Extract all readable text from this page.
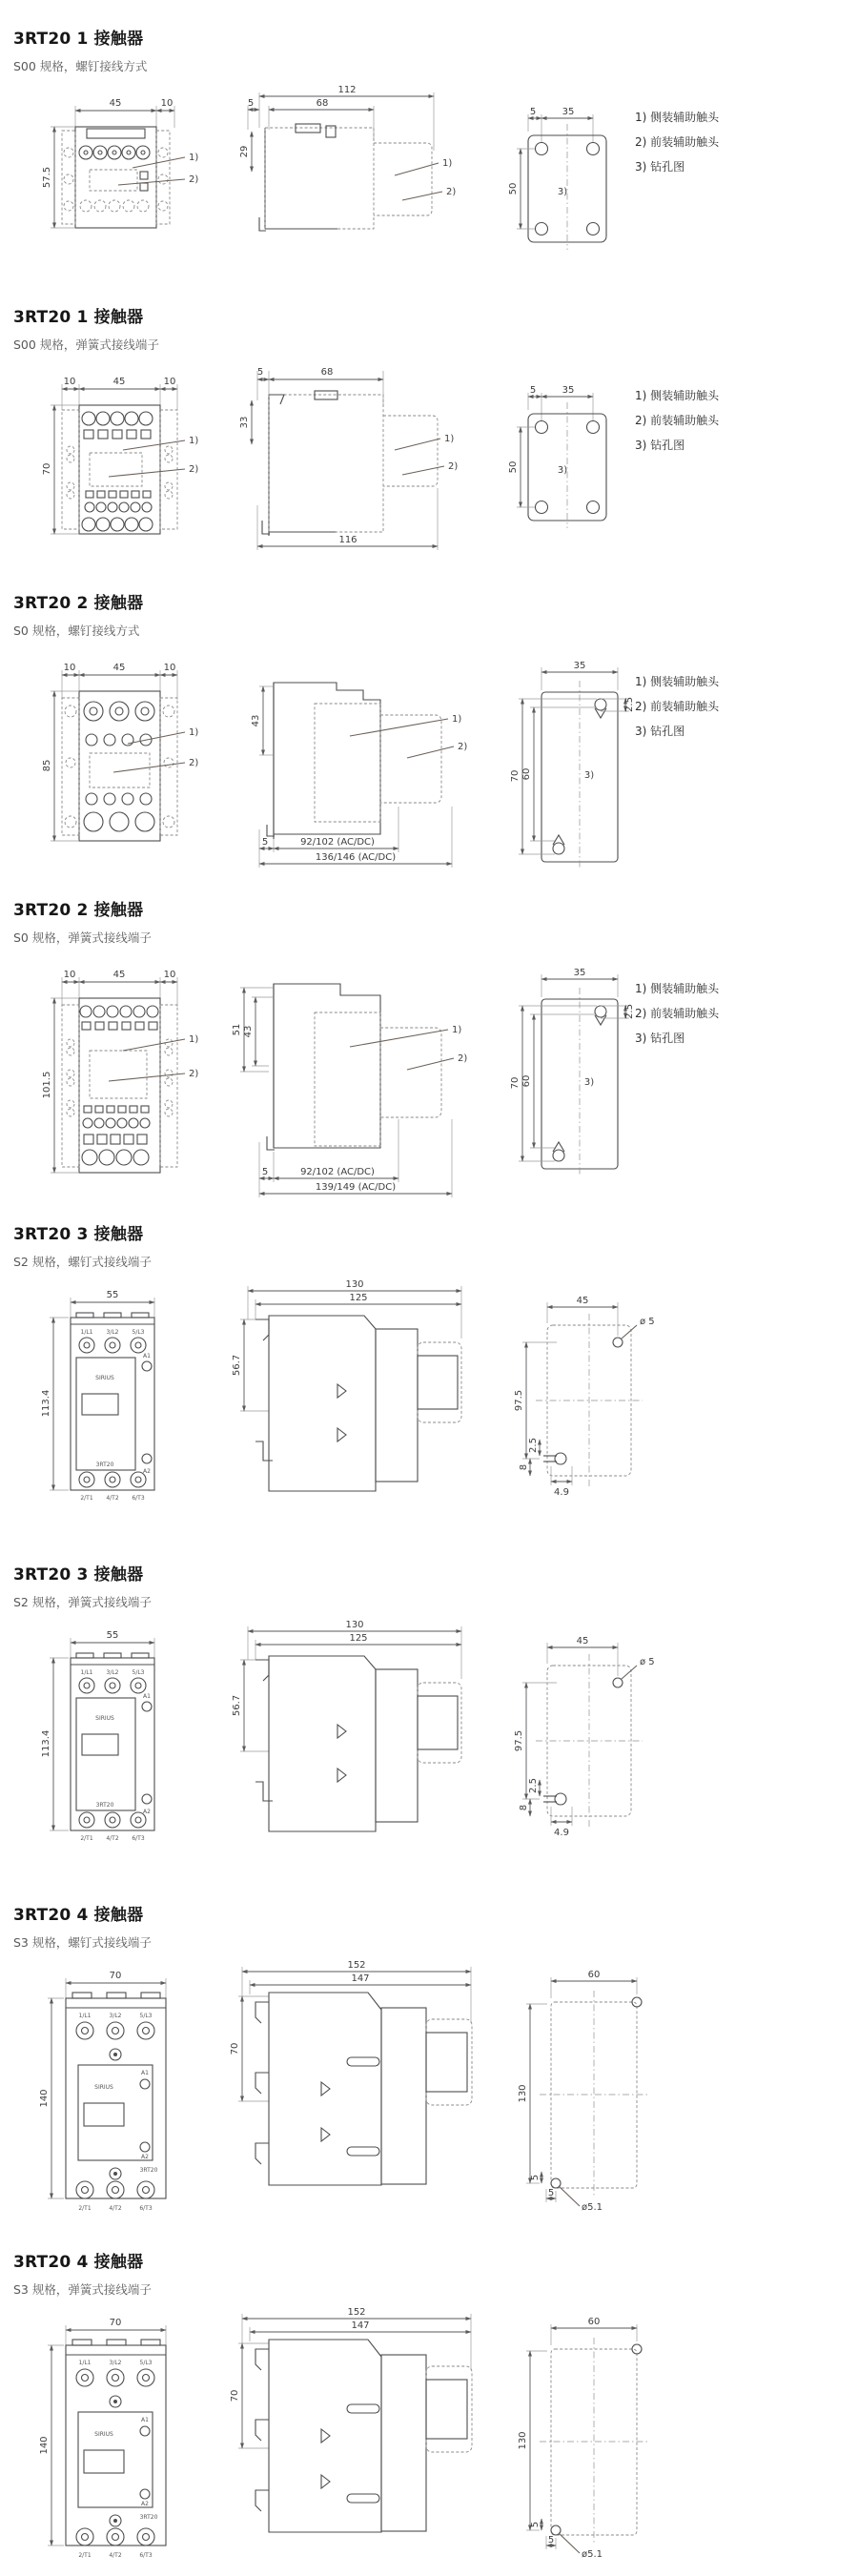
3RT20 1 接触器

S00 规格，螺钉接线方式

45	10
57.5
1)
2)
112
68
5
29
1)
2)
5	35
50	3)
1) 侧装辅助触头
2) 前装辅助触头
3) 钻孔图
3RT20 1 接触器

S00 规格，弹簧式接线端子

10	45	10
70
1)
2)
5	68
33
116
1)
2)
5	35
50	3)
1) 侧装辅助触头
2) 前装辅助触头
3) 钻孔图
3RT20 2 接触器

S0 规格，螺钉接线方式

10	45	10
85
1)
2)
43
5	92/102 (AC/DC)
136/146 (AC/DC)
1)
2)
35
2.5
70 60	3)
1) 侧装辅助触头
2) 前装辅助触头
3) 钻孔图
3RT20 2 接触器

S0 规格，弹簧式接线端子

10	45	10
101.5
1)
2)
51 43
5	92/102 (AC/DC)
139/149 (AC/DC)
1)
2)
35
2.5
70 60	3)
1) 侧装辅助触头
2) 前装辅助触头
3) 钻孔图
3RT20 3 接触器

S2 规格，螺钉式接线端子

55
113.4
1/L1 3/L2 5/L3
A1
SIRIUS
A2
3RT20
2/T1 4/T2 6/T3
130
125
56.7
45
ø 5
97.5
2.5
8
4.9
3RT20 3 接触器

S2 规格，弹簧式接线端子

55
113.4
1/L1 3/L2 5/L3
A1
SIRIUS
A2
3RT20
2/T1 4/T2 6/T3
130
125
56.7
45
ø 5
97.5
2.5
8
4.9
3RT20 4 接触器

S3 规格，螺钉式接线端子

70
140
1/L1	3/L2	5/L3
A1
SIRIUS
A2
3RT20
2/T1	4/T2	6/T3
152
147
70
60
130
5
5
ø5.1
3RT20 4 接触器

S3 规格，弹簧式接线端子

70
140
1/L1	3/L2	5/L3
A1
SIRIUS
A2
3RT20
2/T1	4/T2	6/T3
152
147
70
60
130
5
5
ø5.1
